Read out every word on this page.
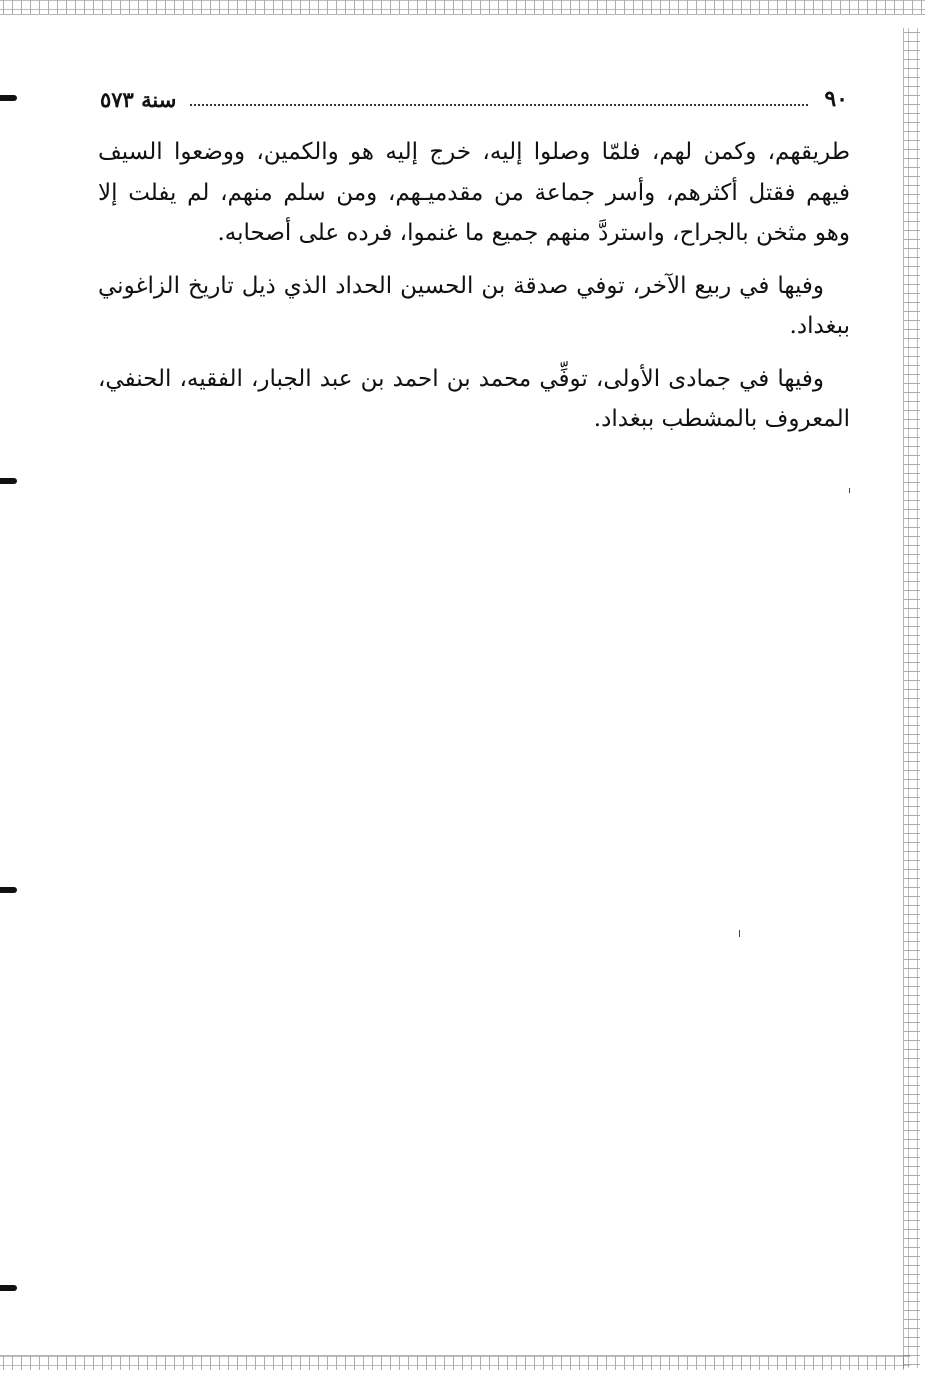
٩٠
سنة ٥٧٣

طريقهم، وكمن لهم، فلمّا وصلوا إليه، خرج إليه هو والكمين، ووضعوا السيف فيهم فقتل أكثرهم، وأسر جماعة من مقدميـهم، ومن سلم منهم، لم يفلت إلا وهو مثخن بالجراح، واستردَّ منهم جميع ما غنموا، فرده على أصحابه.

وفيها في ربيع الآخر، توفي صدقة بن الحسين الحداد الذي ذيل تاريخ الزاغوني ببغداد.

وفيها في جمادى الأولى، توفِّي محمد بن احمد بن عبد الجبار، الفقيه، الحنفي، المعروف بالمشطب ببغداد.
